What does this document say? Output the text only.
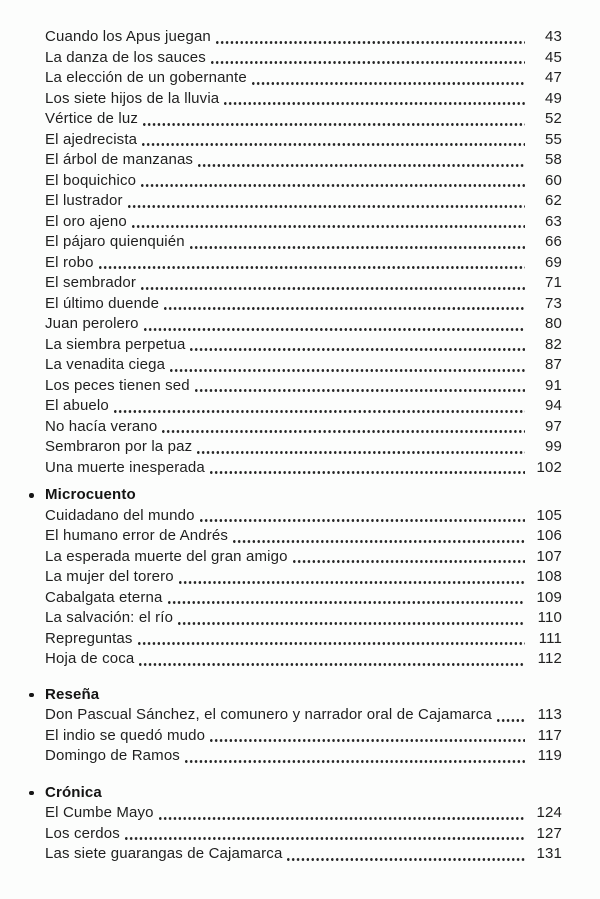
Cuando los Apus juegan	43
La danza de los sauces	45
La elección de un gobernante	47
Los siete hijos de la lluvia	49
Vértice de luz	52
El ajedrecista	55
El árbol de manzanas	58
El boquichico	60
El lustrador	62
El oro ajeno	63
El pájaro quienquién	66
El robo	69
El sembrador	71
El último duende	73
Juan perolero	80
La siembra perpetua	82
La venadita ciega	87
Los peces tienen sed	91
El abuelo	94
No hacía verano	97
Sembraron por la paz	99
Una muerte inesperada	102
Microcuento
Cuidadano del mundo	105
El humano error de Andrés	106
La esperada muerte del gran amigo	107
La mujer del torero	108
Cabalgata eterna	109
La salvación: el río	110
Repreguntas	111
Hoja de coca	112
Reseña
Don Pascual Sánchez, el comunero y narrador oral de Cajamarca	113
El indio se quedó mudo	117
Domingo de Ramos	119
Crónica
El Cumbe Mayo	124
Los cerdos	127
Las siete guarangas de Cajamarca	131
